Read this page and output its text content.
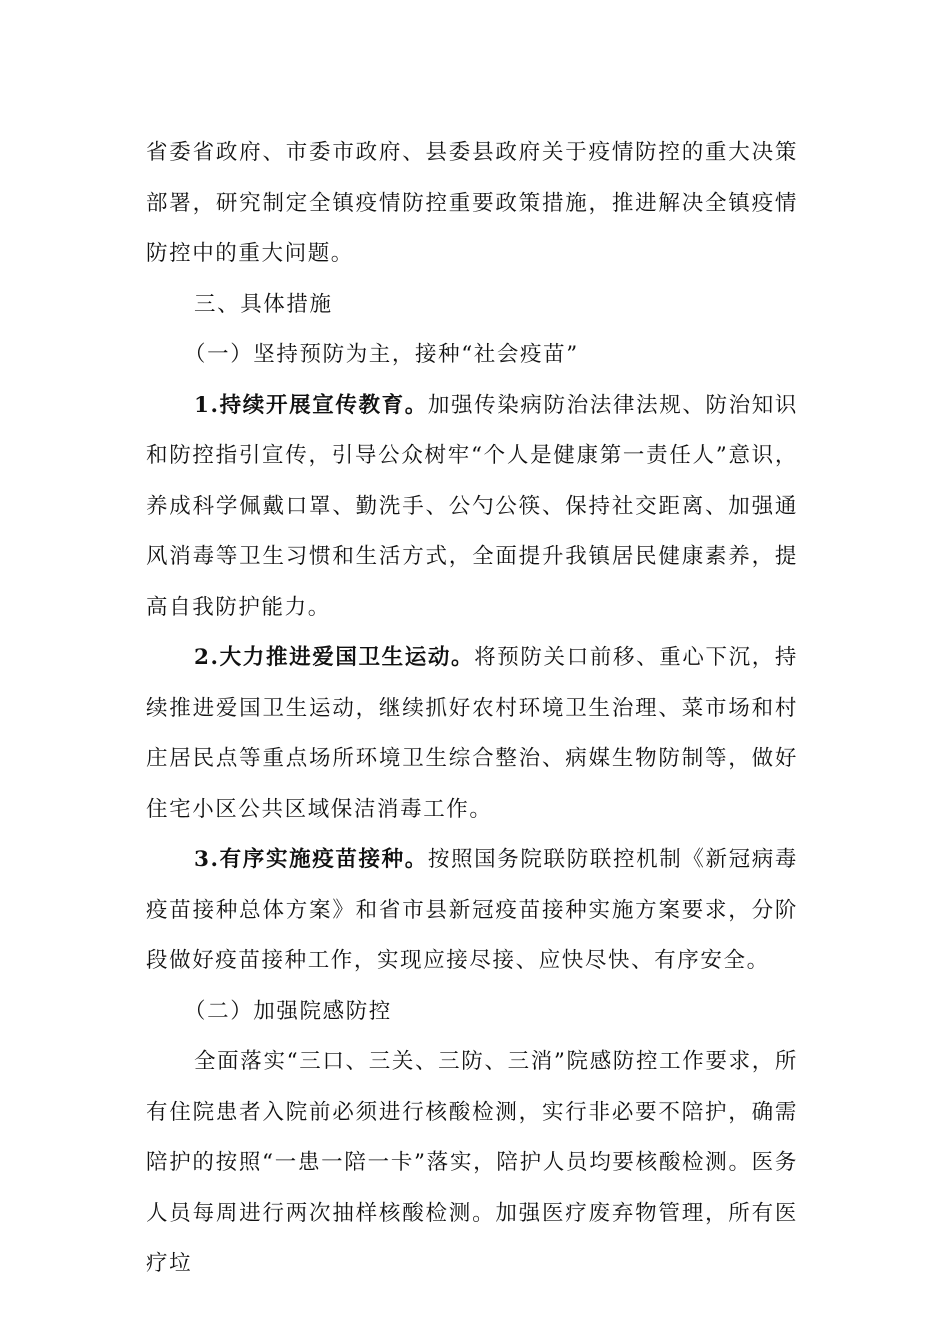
省委省政府、市委市政府、县委县政府关于疫情防控的重大决策部署，研究制定全镇疫情防控重要政策措施，推进解决全镇疫情防控中的重大问题。

三、具体措施

（一）坚持预防为主，接种“社会疫苗”

1.持续开展宣传教育。加强传染病防治法律法规、防治知识和防控指引宣传，引导公众树牢“个人是健康第一责任人”意识，养成科学佩戴口罩、勤洗手、公勺公筷、保持社交距离、加强通风消毒等卫生习惯和生活方式，全面提升我镇居民健康素养，提高自我防护能力。

2.大力推进爱国卫生运动。将预防关口前移、重心下沉，持续推进爱国卫生运动，继续抓好农村环境卫生治理、菜市场和村庄居民点等重点场所环境卫生综合整治、病媒生物防制等，做好住宅小区公共区域保洁消毒工作。

3.有序实施疫苗接种。按照国务院联防联控机制《新冠病毒疫苗接种总体方案》和省市县新冠疫苗接种实施方案要求，分阶段做好疫苗接种工作，实现应接尽接、应快尽快、有序安全。

（二）加强院感防控

全面落实“三口、三关、三防、三消”院感防控工作要求，所有住院患者入院前必须进行核酸检测，实行非必要不陪护，确需陪护的按照“一患一陪一卡”落实，陪护人员均要核酸检测。医务人员每周进行两次抽样核酸检测。加强医疗废弃物管理，所有医疗垃
